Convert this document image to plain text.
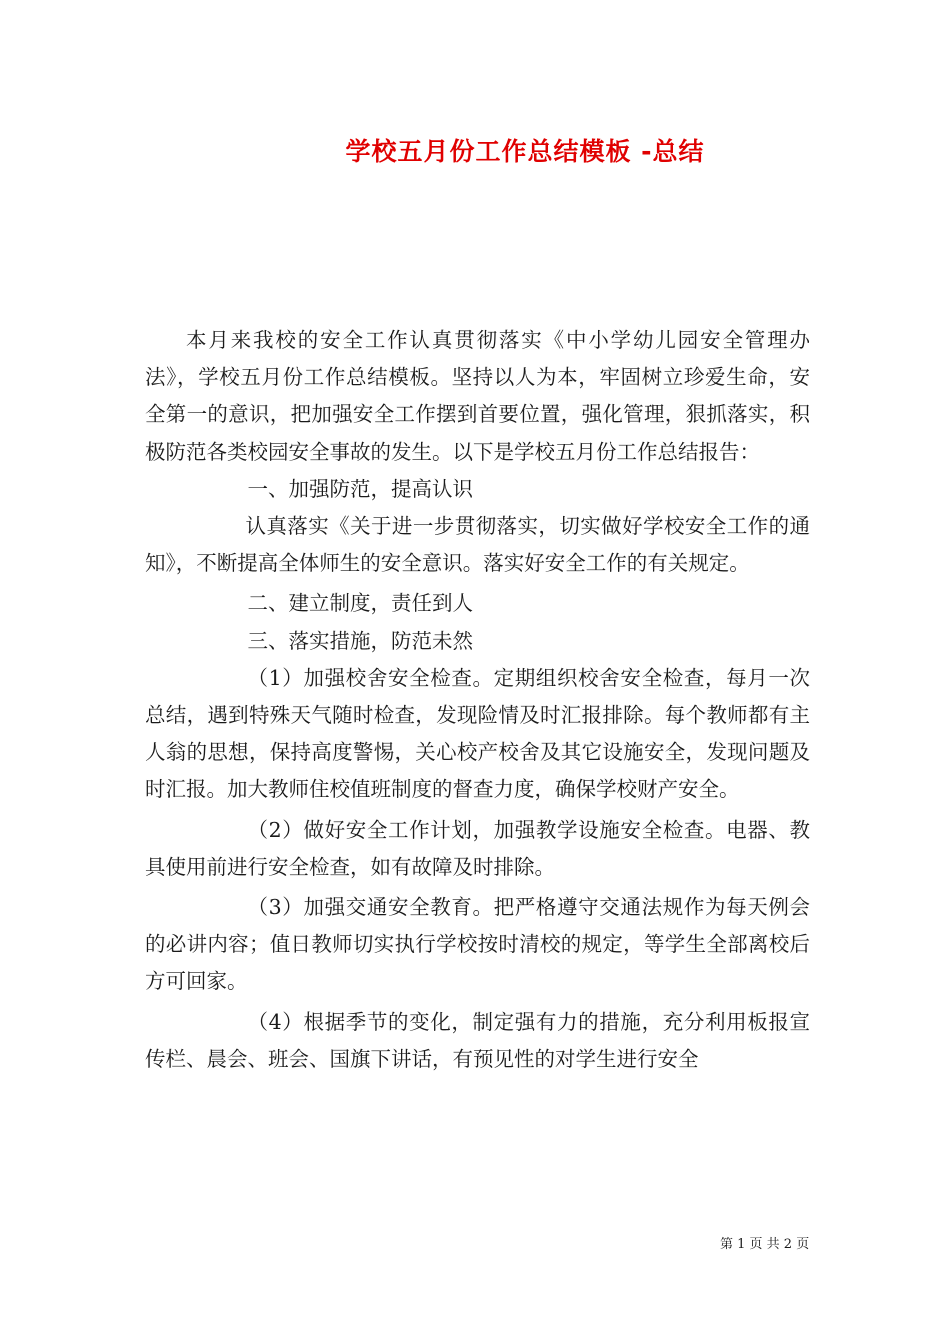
学校五月份工作总结模板 -总结

本月来我校的安全工作认真贯彻落实《中小学幼儿园安全管理办法》，学校五月份工作总结模板。坚持以人为本，牢固树立珍爱生命，安全第一的意识，把加强安全工作摆到首要位置，强化管理，狠抓落实，积极防范各类校园安全事故的发生。以下是学校五月份工作总结报告：

一、加强防范，提高认识

认真落实《关于进一步贯彻落实，切实做好学校安全工作的通知》，不断提高全体师生的安全意识。落实好安全工作的有关规定。

二、建立制度，责任到人

三、落实措施，防范未然

（1）加强校舍安全检查。定期组织校舍安全检查，每月一次总结，遇到特殊天气随时检查，发现险情及时汇报排除。每个教师都有主人翁的思想，保持高度警惕，关心校产校舍及其它设施安全，发现问题及时汇报。加大教师住校值班制度的督查力度，确保学校财产安全。

（2）做好安全工作计划，加强教学设施安全检查。电器、教具使用前进行安全检查，如有故障及时排除。

（3）加强交通安全教育。把严格遵守交通法规作为每天例会的必讲内容；值日教师切实执行学校按时清校的规定，等学生全部离校后方可回家。

（4）根据季节的变化，制定强有力的措施，充分利用板报宣传栏、晨会、班会、国旗下讲话，有预见性的对学生进行安全

第 1 页 共 2 页
